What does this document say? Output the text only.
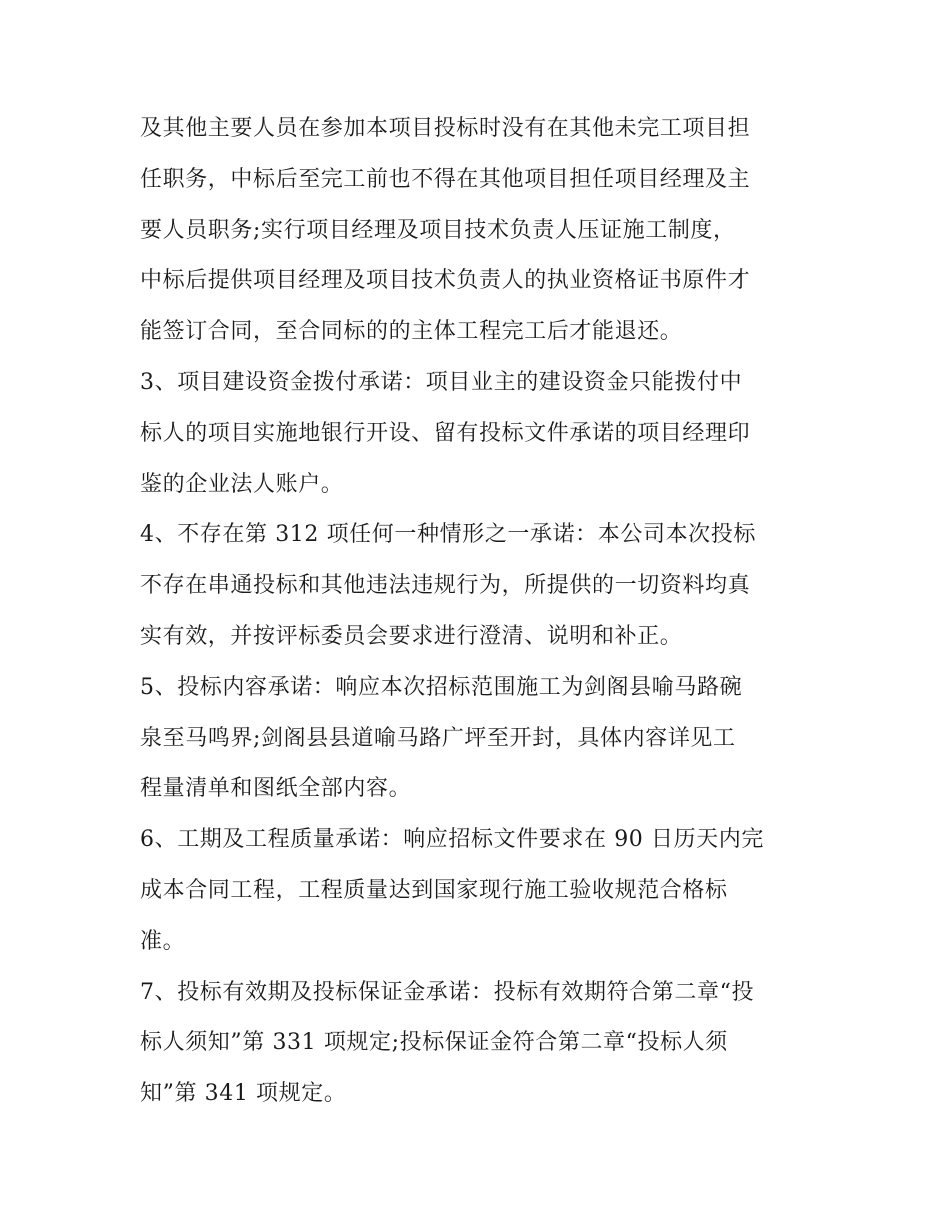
及其他主要人员在参加本项目投标时没有在其他未完工项目担
任职务，中标后至完工前也不得在其他项目担任项目经理及主
要人员职务;实行项目经理及项目技术负责人压证施工制度，
中标后提供项目经理及项目技术负责人的执业资格证书原件才
能签订合同，至合同标的的主体工程完工后才能退还。
3、项目建设资金拨付承诺：项目业主的建设资金只能拨付中
标人的项目实施地银行开设、留有投标文件承诺的项目经理印
鉴的企业法人账户。
4、不存在第 312 项任何一种情形之一承诺：本公司本次投标
不存在串通投标和其他违法违规行为，所提供的一切资料均真
实有效，并按评标委员会要求进行澄清、说明和补正。
5、投标内容承诺：响应本次招标范围施工为剑阁县喻马路碗
泉至马鸣界;剑阁县县道喻马路广坪至开封，具体内容详见工
程量清单和图纸全部内容。
6、工期及工程质量承诺：响应招标文件要求在 90 日历天内完
成本合同工程，工程质量达到国家现行施工验收规范合格标
准。
7、投标有效期及投标保证金承诺：投标有效期符合第二章“投
标人须知”第 331 项规定;投标保证金符合第二章“投标人须
知”第 341 项规定。
